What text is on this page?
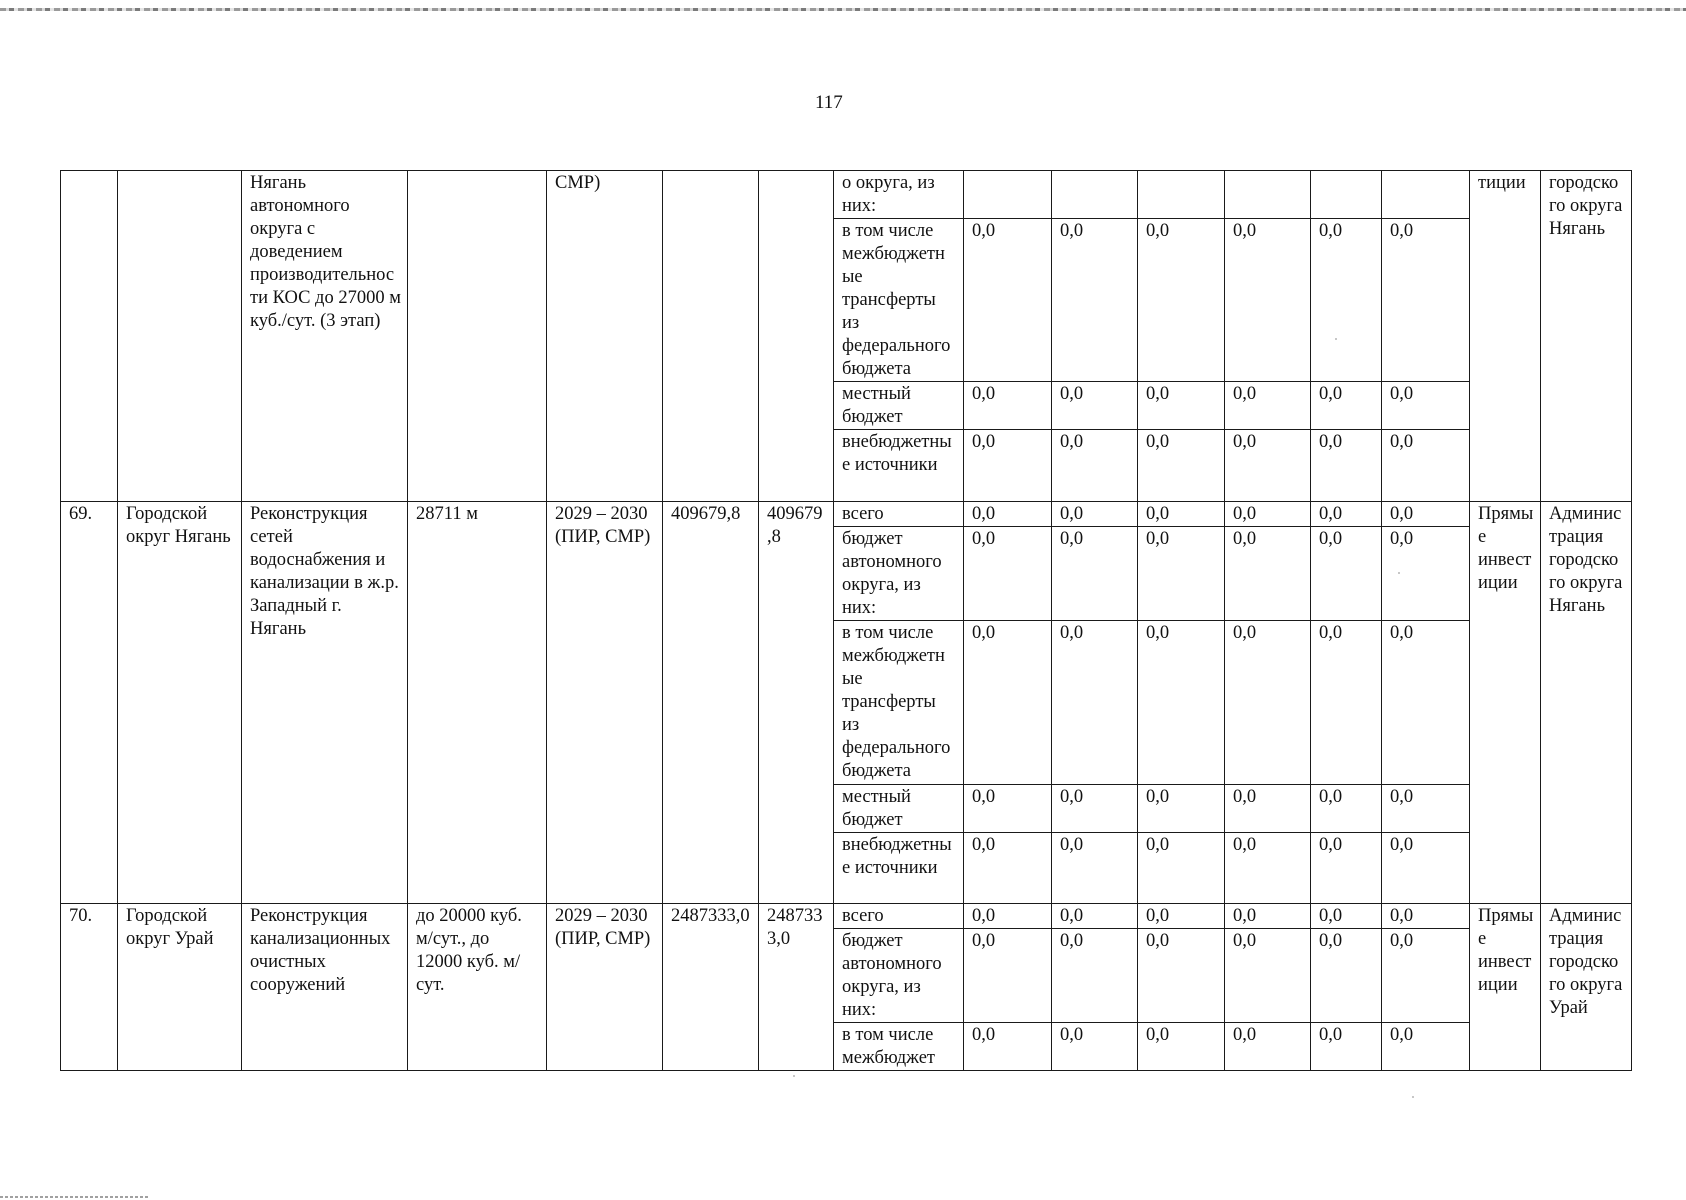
117
		Нягань автономного округа с доведением производительности КОС до 27000 м куб./сут. (3 этап)		СМР)			о округа, из них:							тиции	городского округа Нягань
							в том числе межбюджетные трансферты из федерального бюджета	0,0	0,0	0,0	0,0	0,0	0,0		
							местный бюджет	0,0	0,0	0,0	0,0	0,0	0,0		
							внебюджетные источники	0,0	0,0	0,0	0,0	0,0	0,0		
69.	Городской округ Нягань	Реконструкция сетей водоснабжения и канализации в ж.р. Западный г. Нягань	28711 м	2029 – 2030 (ПИР, СМР)	409679,8	409679,8	всего	0,0	0,0	0,0	0,0	0,0	0,0	Прямые инвестиции	Администрация городского округа Нягань
							бюджет автономного округа, из них:	0,0	0,0	0,0	0,0	0,0	0,0		
							в том числе межбюджетные трансферты из федерального бюджета	0,0	0,0	0,0	0,0	0,0	0,0		
							местный бюджет	0,0	0,0	0,0	0,0	0,0	0,0		
							внебюджетные источники	0,0	0,0	0,0	0,0	0,0	0,0		
70.	Городской округ Урай	Реконструкция канализационных очистных сооружений	до 20000 куб. м/сут., до 12000 куб. м/сут.	2029 – 2030 (ПИР, СМР)	2487333,0	2487333,0	всего	0,0	0,0	0,0	0,0	0,0	0,0	Прямые инвестиции	Администрация городского округа Урай
							бюджет автономного округа, из них:	0,0	0,0	0,0	0,0	0,0	0,0		
							в том числе межбюджет	0,0	0,0	0,0	0,0	0,0	0,0		
